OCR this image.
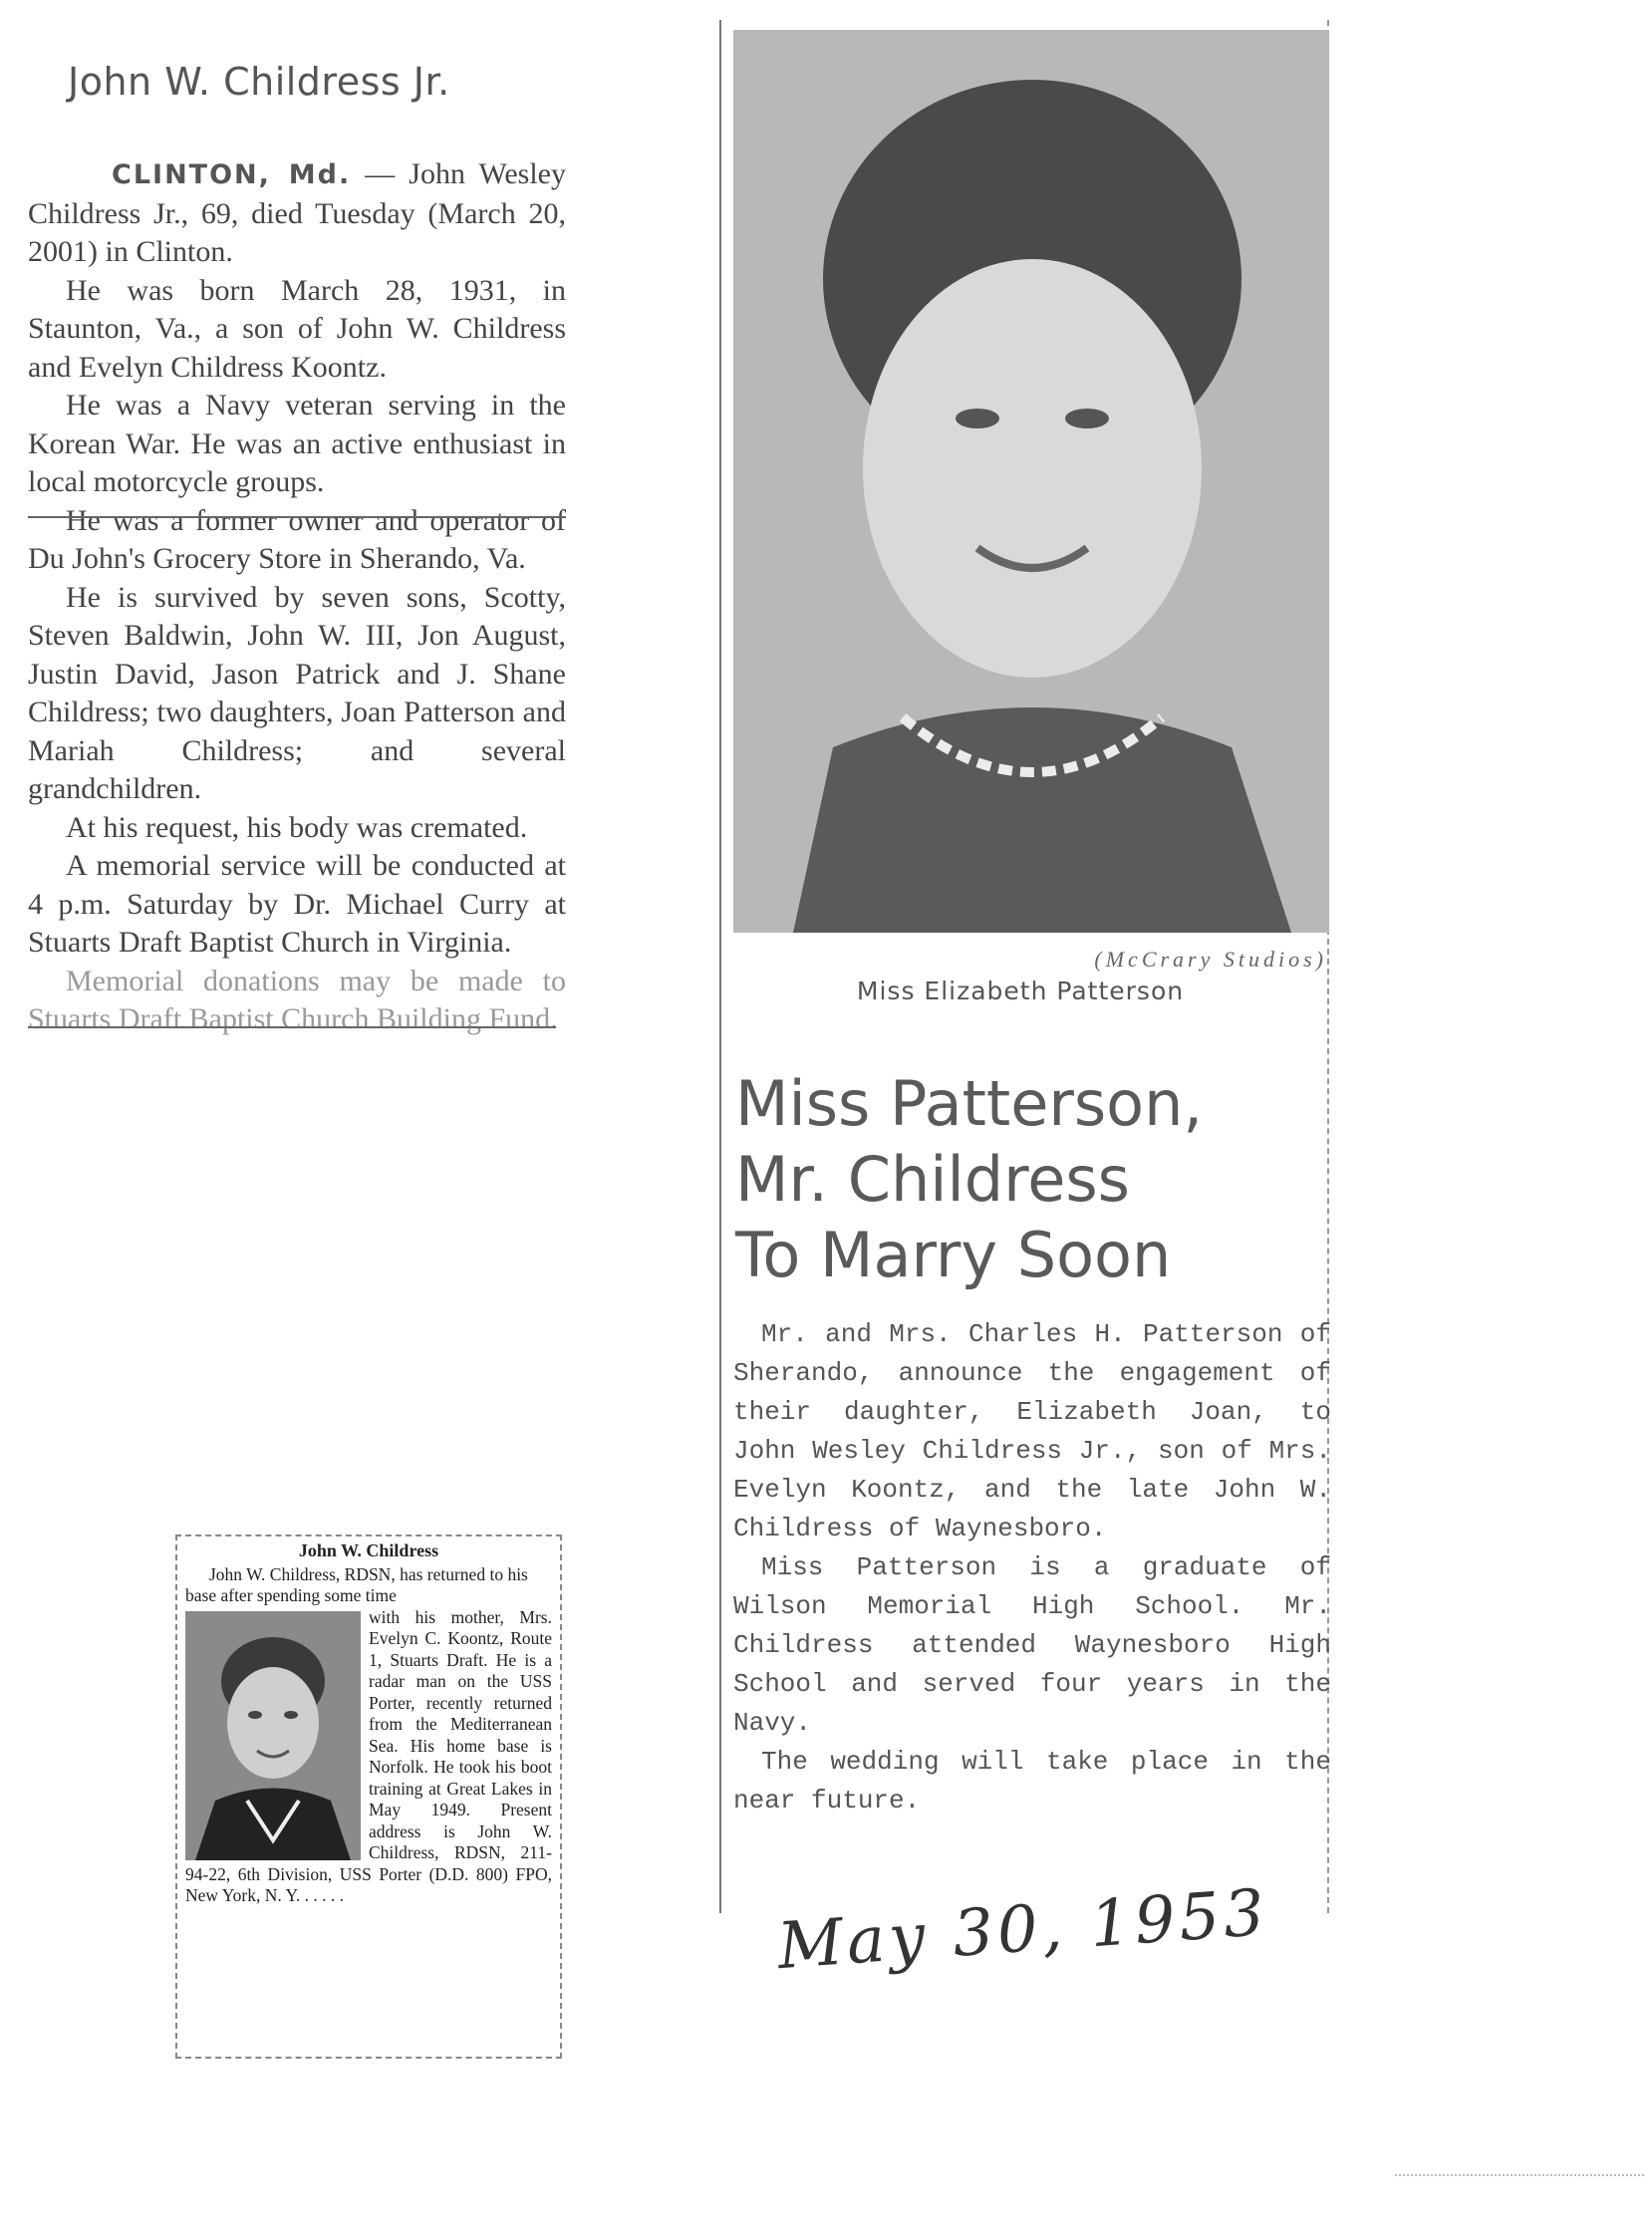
John W. Childress Jr.

CLINTON, Md. — John Wesley Childress Jr., 69, died Tuesday (March 20, 2001) in Clinton.

He was born March 28, 1931, in Staunton, Va., a son of John W. Childress and Evelyn Childress Koontz.

He was a Navy veteran serving in the Korean War. He was an active enthusiast in local motorcycle groups.

He was a former owner and operator of Du John's Grocery Store in Sherando, Va.

He is survived by seven sons, Scotty, Steven Baldwin, John W. III, Jon August, Justin David, Jason Patrick and J. Shane Childress; two daughters, Joan Patterson and Mariah Childress; and several grandchildren.

At his request, his body was cremated.

A memorial service will be conducted at 4 p.m. Saturday by Dr. Michael Curry at Stuarts Draft Baptist Church in Virginia.

Memorial donations may be made to Stuarts Draft Baptist Church Building Fund.

John W. Childress

John W. Childress, RDSN, has returned to his base after spending some time

with his mother, Mrs. Evelyn C. Koontz, Route 1, Stuarts Draft. He is a radar man on the USS Porter, recently returned from the Mediterranean Sea. His home base is Norfolk. He took his boot training at Great Lakes in May 1949. Present address is John W. Childress, RDSN, 211-94-22, 6th Division, USS Porter (D.D. 800) FPO, New York, N. Y. . . . . .

(McCrary Studios)
Miss Elizabeth Patterson
Miss Patterson,
Mr. Childress
To Marry Soon

Mr. and Mrs. Charles H. Patterson of Sherando, announce the engagement of their daughter, Elizabeth Joan, to John Wesley Childress Jr., son of Mrs. Evelyn Koontz, and the late John W. Childress of Waynesboro.

Miss Patterson is a graduate of Wilson Memorial High School. Mr. Childress attended Waynesboro High School and served four years in the Navy.

The wedding will take place in the near future.

May 30, 1953
